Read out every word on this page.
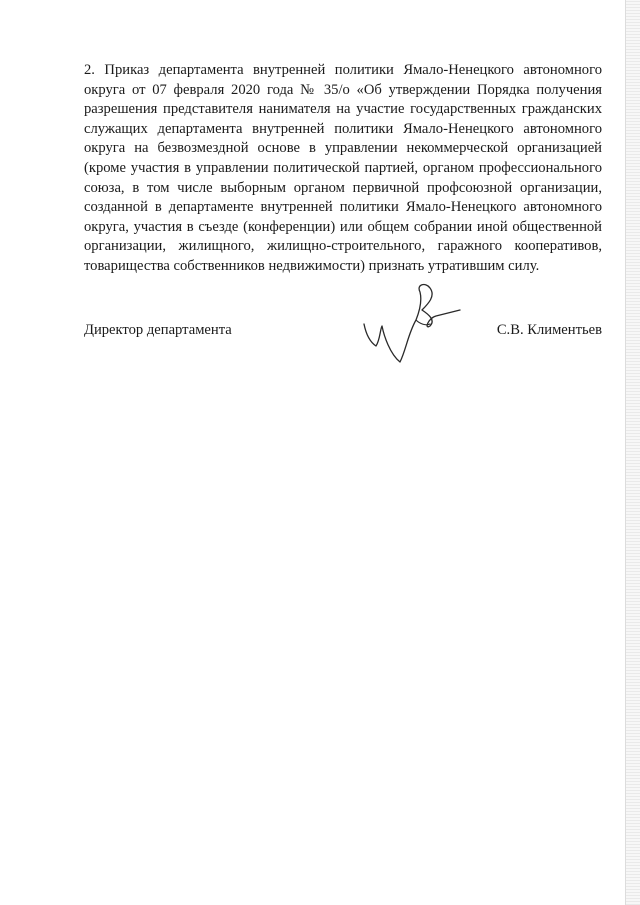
2. Приказ департамента внутренней политики Ямало-Ненецкого автономного округа от 07 февраля 2020 года № 35/о «Об утверждении Порядка получения разрешения представителя нанимателя на участие государственных гражданских служащих департамента внутренней политики Ямало-Ненецкого автономного округа на безвозмездной основе в управлении некоммерческой организацией (кроме участия в управлении политической партией, органом профессионального союза, в том числе выборным органом первичной профсоюзной организации, созданной в департаменте внутренней политики Ямало-Ненецкого автономного округа, участия в съезде (конференции) или общем собрании иной общественной организации, жилищного, жилищно-строительного, гаражного кооперативов, товарищества собственников недвижимости) признать утратившим силу.

Директор департамента	С.В. Климентьев
